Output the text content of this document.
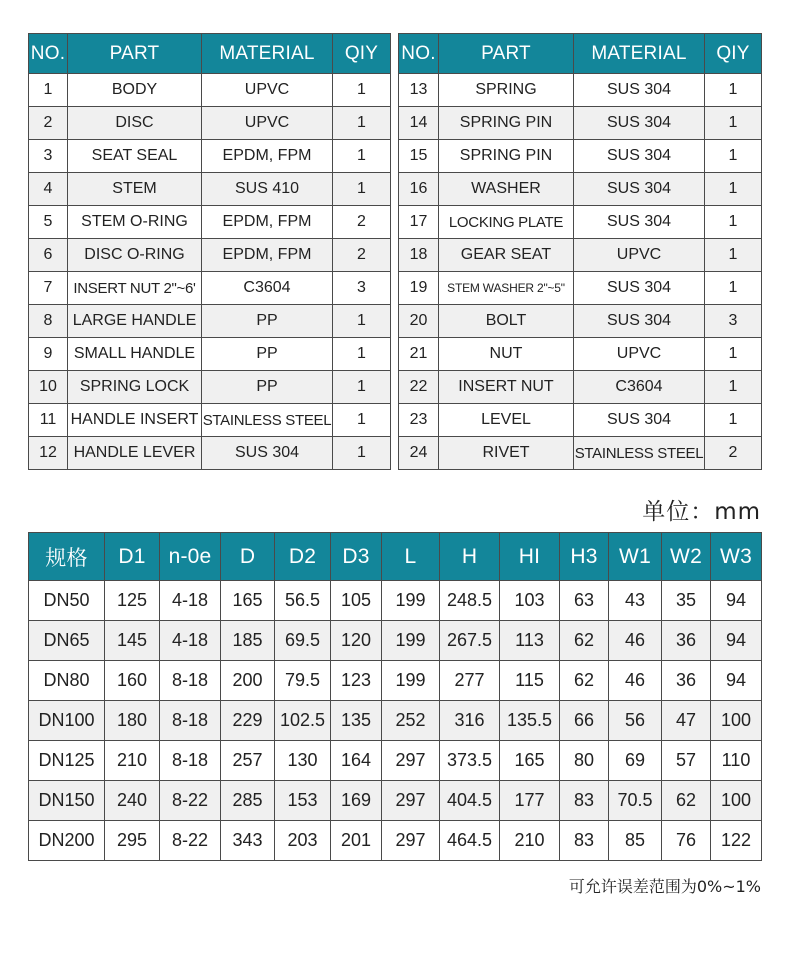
NO.	PART	MATERIAL	QIY
1	BODY	UPVC	1
2	DISC	UPVC	1
3	SEAT SEAL	EPDM, FPM	1
4	STEM	SUS 410	1
5	STEM O-RING	EPDM, FPM	2
6	DISC O-RING	EPDM, FPM	2
7	INSERT NUT 2"~6'	C3604	3
8	LARGE HANDLE	PP	1
9	SMALL HANDLE	PP	1
10	SPRING LOCK	PP	1
11	HANDLE INSERT	STAINLESS STEEL	1
12	HANDLE LEVER	SUS 304	1
NO.	PART	MATERIAL	QIY
13	SPRING	SUS 304	1
14	SPRING PIN	SUS 304	1
15	SPRING PIN	SUS 304	1
16	WASHER	SUS 304	1
17	LOCKING PLATE	SUS 304	1
18	GEAR SEAT	UPVC	1
19	STEM WASHER 2"~5"	SUS 304	1
20	BOLT	SUS 304	3
21	NUT	UPVC	1
22	INSERT NUT	C3604	1
23	LEVEL	SUS 304	1
24	RIVET	STAINLESS STEEL	2
单位：mm
规格	D1	n-0e	D	D2	D3	L	H	HI	H3	W1	W2	W3
DN50	125	4-18	165	56.5	105	199	248.5	103	63	43	35	94
DN65	145	4-18	185	69.5	120	199	267.5	113	62	46	36	94
DN80	160	8-18	200	79.5	123	199	277	115	62	46	36	94
DN100	180	8-18	229	102.5	135	252	316	135.5	66	56	47	100
DN125	210	8-18	257	130	164	297	373.5	165	80	69	57	110
DN150	240	8-22	285	153	169	297	404.5	177	83	70.5	62	100
DN200	295	8-22	343	203	201	297	464.5	210	83	85	76	122
可允许误差范围为0%~1%
